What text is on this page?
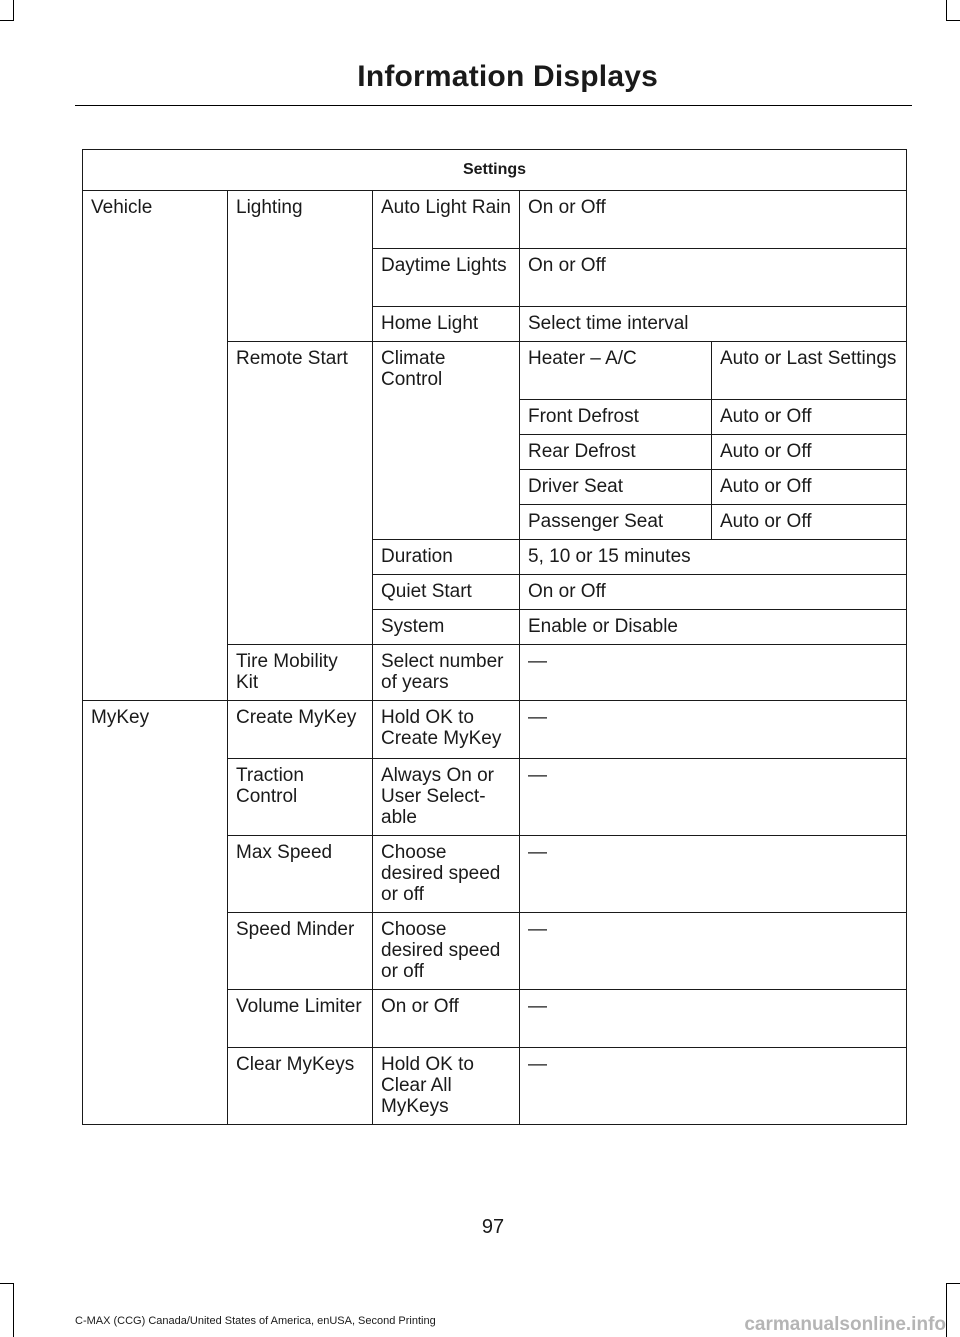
Information Displays
Settings				
Vehicle	Lighting	Auto Light Rain	On or Off	
		Daytime Lights	On or Off	
		Home Light	Select time interval	
	Remote Start	Climate Control	Heater – A/C	Auto or Last Settings
			Front Defrost	Auto or Off
			Rear Defrost	Auto or Off
			Driver Seat	Auto or Off
			Passenger Seat	Auto or Off
		Duration	5, 10 or 15 minutes	
		Quiet Start	On or Off	
		System	Enable or Disable	
	Tire Mobility Kit	Select number of years	—	
MyKey	Create MyKey	Hold OK to Create MyKey	—	
	Traction Control	Always On or User Select-able	—	
	Max Speed	Choose desired speed or off	—	
	Speed Minder	Choose desired speed or off	—	
	Volume Limiter	On or Off	—	
	Clear MyKeys	Hold OK to Clear All MyKeys	—	
97
C-MAX (CCG) Canada/United States of America, enUSA, Second Printing	carmanualsonline.info
